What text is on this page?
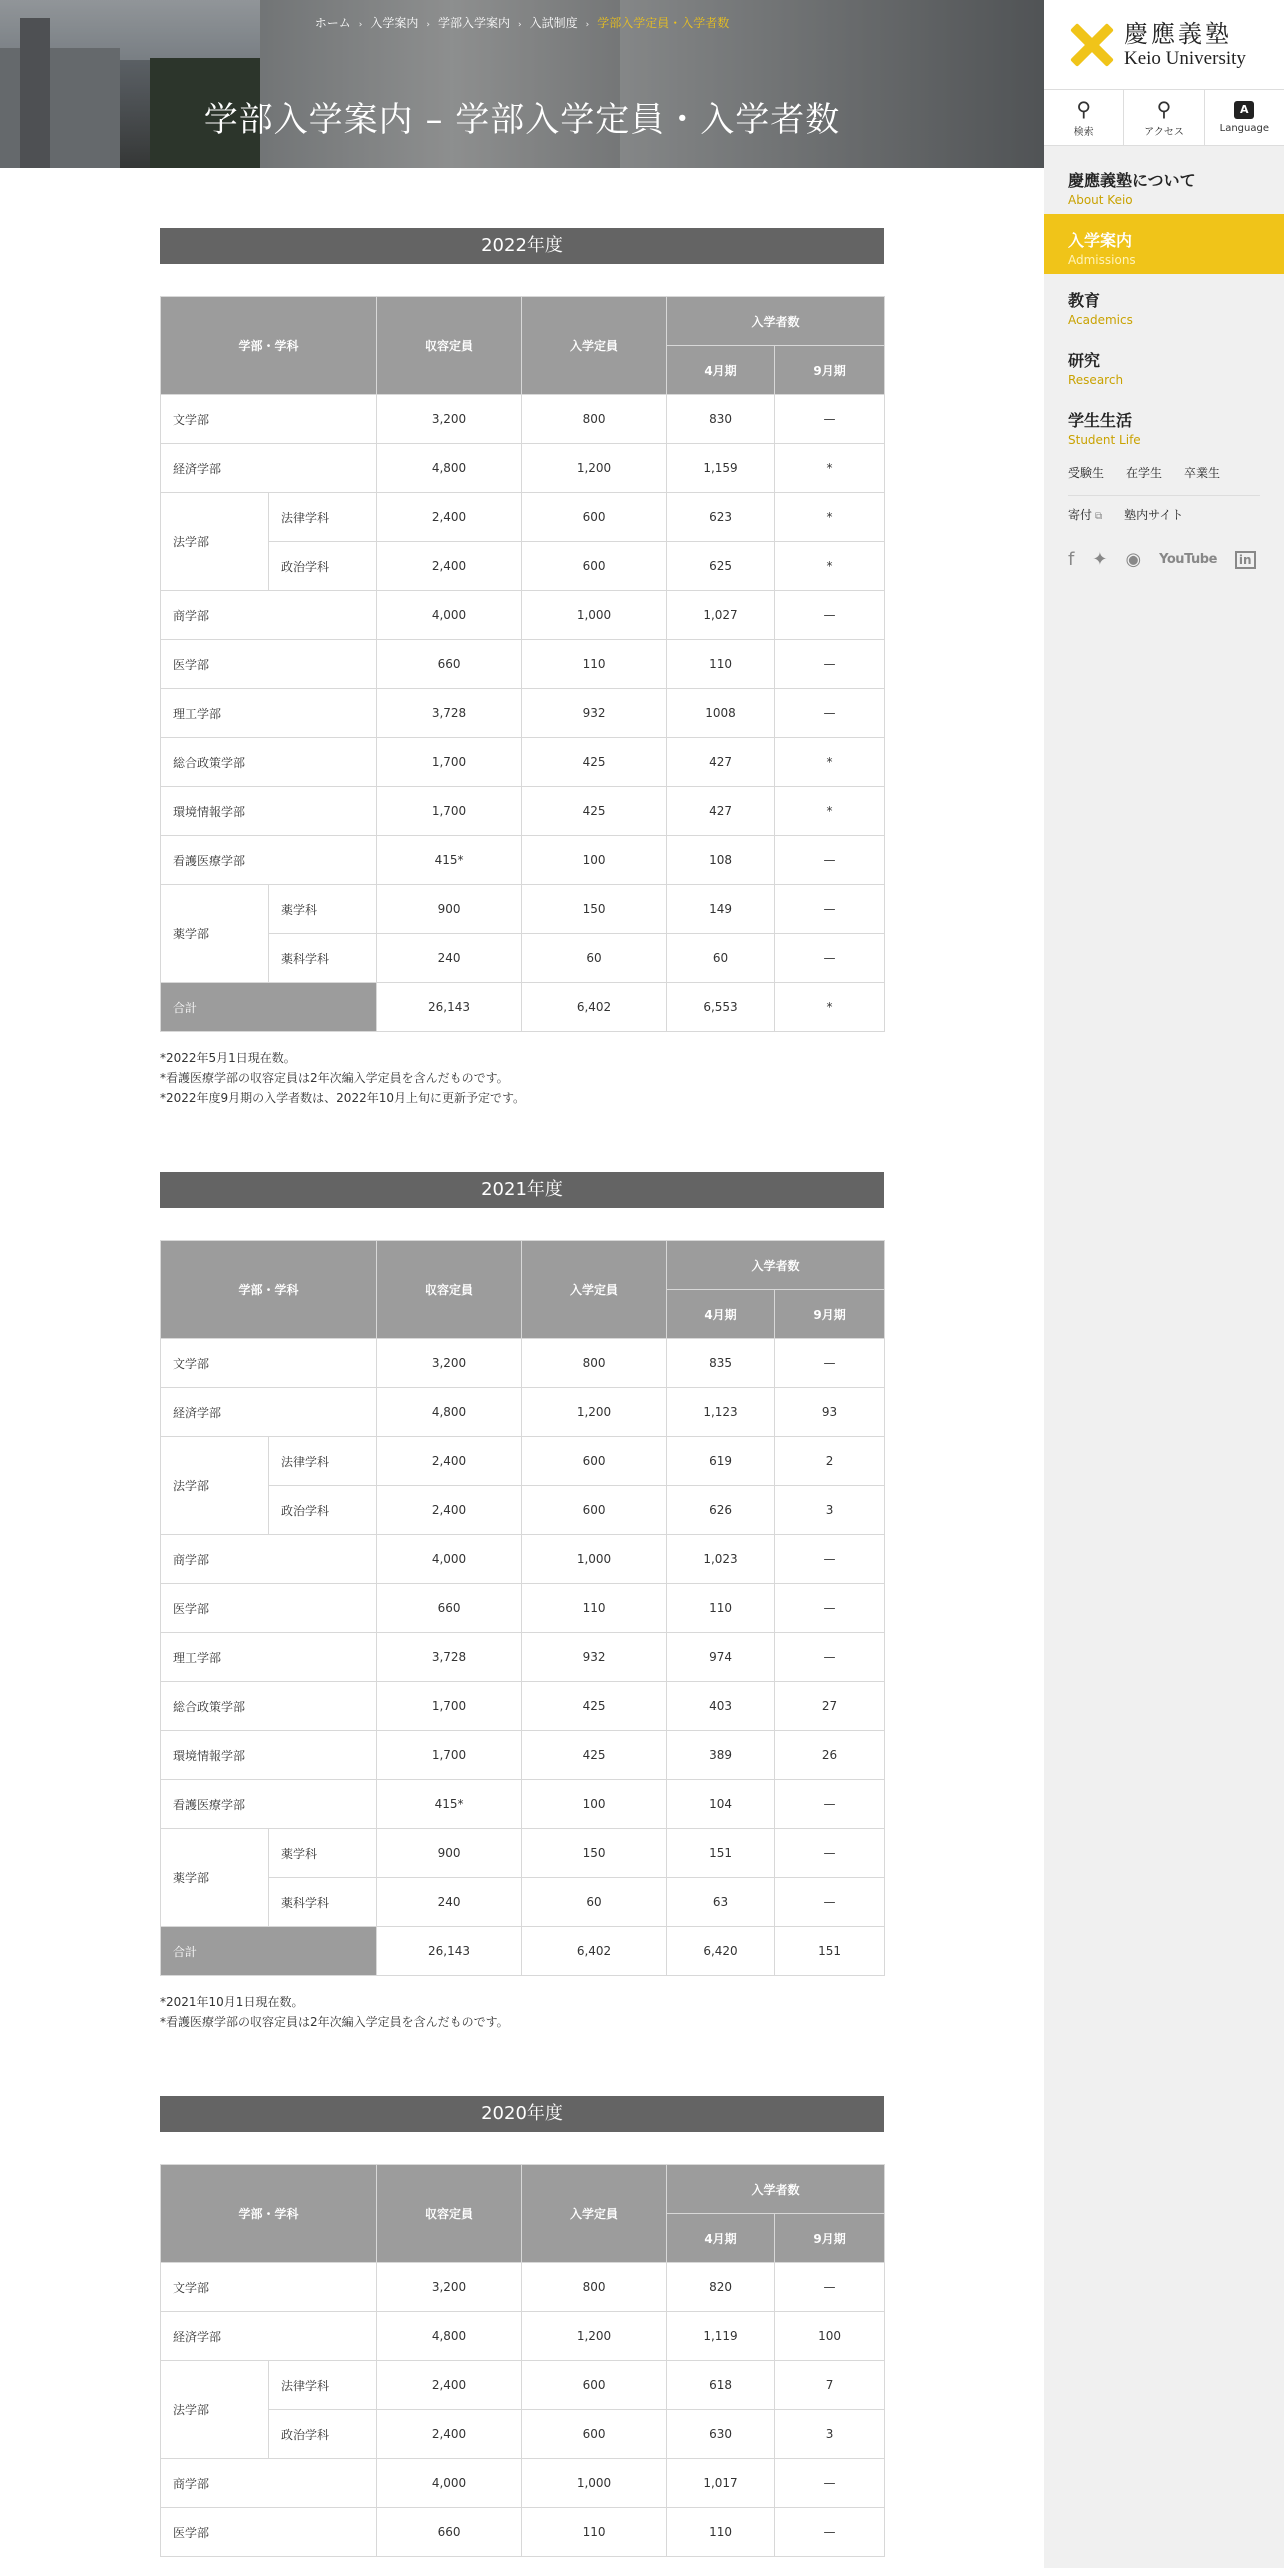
ホーム › 入学案内 › 学部入学案内 › 入試制度 › 学部入学定員・入学者数
学部入学案内 – 学部入学定員・入学者数
慶應義塾
Keio University
⚲
検索
⚲
アクセス
A
Language
慶應義塾について
About Keio
入学案内
Admissions
教育
Academics
研究
Research
学生生活
Student Life
受験生 在学生 卒業生
寄付 ⧉ 塾内サイト
f ✦ ◉ YouTube	in
2022年度
学部・学科		収容定員	入学定員	入学者数	
				4月期	9月期
文学部		3,200	800	830	—
経済学部		4,800	1,200	1,159	*
法学部	法律学科	2,400	600	623	*
	政治学科	2,400	600	625	*
商学部		4,000	1,000	1,027	—
医学部		660	110	110	—
理工学部		3,728	932	1008	—
総合政策学部		1,700	425	427	*
環境情報学部		1,700	425	427	*
看護医療学部		415*	100	108	—
薬学部	薬学科	900	150	149	—
	薬科学科	240	60	60	—
合計		26,143	6,402	6,553	*
*2022年5月1日現在数。
*看護医療学部の収容定員は2年次編入学定員を含んだものです。
*2022年度9月期の入学者数は、2022年10月上旬に更新予定です。
2021年度
学部・学科		収容定員	入学定員	入学者数	
				4月期	9月期
文学部		3,200	800	835	—
経済学部		4,800	1,200	1,123	93
法学部	法律学科	2,400	600	619	2
	政治学科	2,400	600	626	3
商学部		4,000	1,000	1,023	—
医学部		660	110	110	—
理工学部		3,728	932	974	—
総合政策学部		1,700	425	403	27
環境情報学部		1,700	425	389	26
看護医療学部		415*	100	104	—
薬学部	薬学科	900	150	151	—
	薬科学科	240	60	63	—
合計		26,143	6,402	6,420	151
*2021年10月1日現在数。
*看護医療学部の収容定員は2年次編入学定員を含んだものです。
2020年度
学部・学科		収容定員	入学定員	入学者数	
				4月期	9月期
文学部		3,200	800	820	—
経済学部		4,800	1,200	1,119	100
法学部	法律学科	2,400	600	618	7
	政治学科	2,400	600	630	3
商学部		4,000	1,000	1,017	—
医学部		660	110	110	—
